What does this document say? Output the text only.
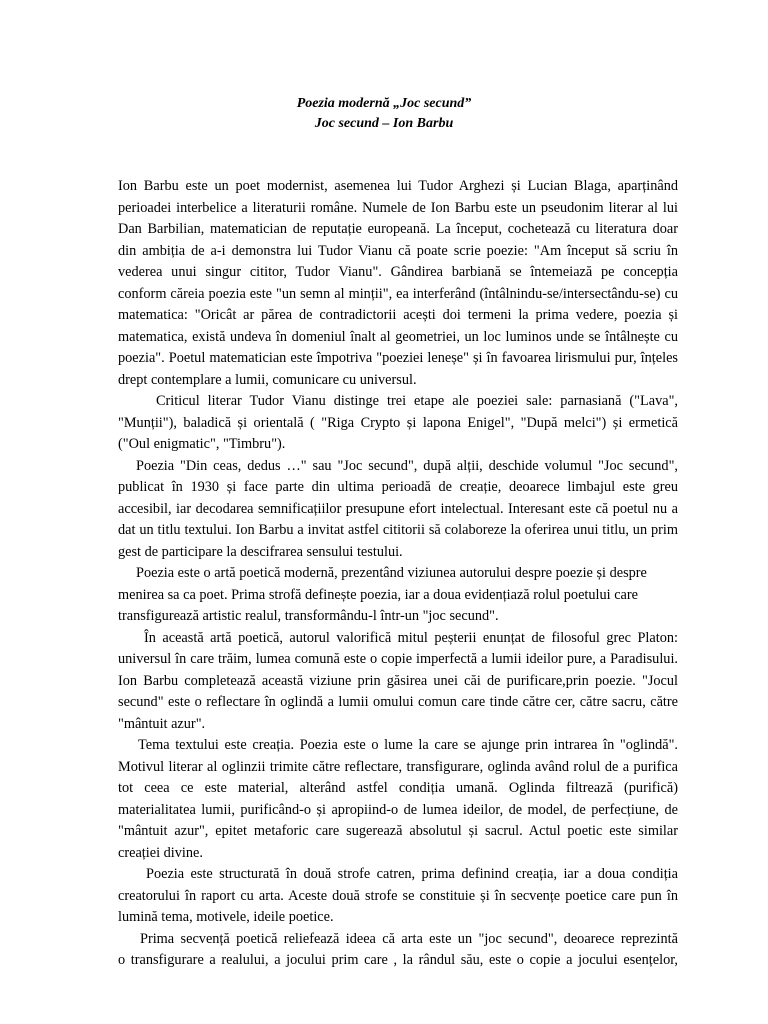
Poezia modernă „Joc secund”
Joc secund – Ion Barbu
Ion Barbu este un poet modernist, asemenea lui Tudor Arghezi și Lucian Blaga, aparținând
perioadei interbelice a literaturii române. Numele de Ion Barbu este un pseudonim literar al lui
Dan Barbilian, matematician de reputație europeană. La început, cochetează cu literatura doar
din ambiția de a-i demonstra lui Tudor Vianu că poate scrie poezie: "Am început să scriu în
vederea unui singur cititor, Tudor Vianu". Gândirea barbiană se întemeiază pe concepția
conform căreia poezia este "un semn al minții", ea interferând (întâlnindu-se/intersectându-se) cu
matematica: "Oricât ar părea de contradictorii acești doi termeni la prima vedere, poezia și
matematica, există undeva în domeniul înalt al geometriei, un loc luminos unde se întâlnește cu
poezia". Poetul matematician este împotriva "poeziei leneșe" și în favoarea lirismului pur, înțeles
drept contemplare a lumii, comunicare cu universul.
Criticul literar Tudor Vianu distinge trei etape ale poeziei sale: parnasiană ("Lava",
"Munții"), baladică și orientală ( "Riga Crypto și lapona Enigel", "După melci") și ermetică
("Oul enigmatic", "Timbru").
Poezia "Din ceas, dedus …" sau "Joc secund", după alții, deschide volumul "Joc secund",
publicat în 1930 și face parte din ultima perioadă de creație, deoarece limbajul este greu
accesibil, iar decodarea semnificațiilor presupune efort intelectual. Interesant este că poetul nu a
dat un titlu textului. Ion Barbu a invitat astfel cititorii să colaboreze la oferirea unui titlu, un prim
gest de participare la descifrarea sensului testului.
Poezia este o artă poetică modernă, prezentând viziunea autorului despre poezie și despre
menirea sa ca poet. Prima strofă definește poezia, iar a doua evidențiază rolul poetului care
transfigurează artistic realul, transformându-l într-un "joc secund".
În această artă poetică, autorul valorifică mitul peșterii enunțat de filosoful grec Platon:
universul în care trăim, lumea comună este o copie imperfectă a lumii ideilor pure, a Paradisului.
Ion Barbu completează această viziune prin găsirea unei căi de purificare,prin poezie. "Jocul
secund" este o reflectare în oglindă a lumii omului comun care tinde către cer, către sacru, către
"mântuit azur".
Tema textului este creația. Poezia este o lume la care se ajunge prin intrarea în "oglindă".
Motivul literar al oglinzii trimite către reflectare, transfigurare, oglinda având rolul de a purifica
tot ceea ce este material, alterând astfel condiția umană. Oglinda filtrează (purifică)
materialitatea lumii, purificând-o și apropiind-o de lumea ideilor, de model, de perfecțiune, de
"mântuit azur", epitet metaforic care sugerează absolutul și sacrul. Actul poetic este similar
creației divine.
Poezia este structurată în două strofe catren, prima definind creația, iar a doua condiția
creatorului în raport cu arta. Aceste două strofe se constituie și în secvențe poetice care pun în
lumină tema, motivele, ideile poetice.
Prima secvență poetică reliefează ideea că arta este un "joc secund", deoarece reprezintă
o transfigurare a realului, a jocului prim care , la rândul său, este o copie a jocului esențelor,
